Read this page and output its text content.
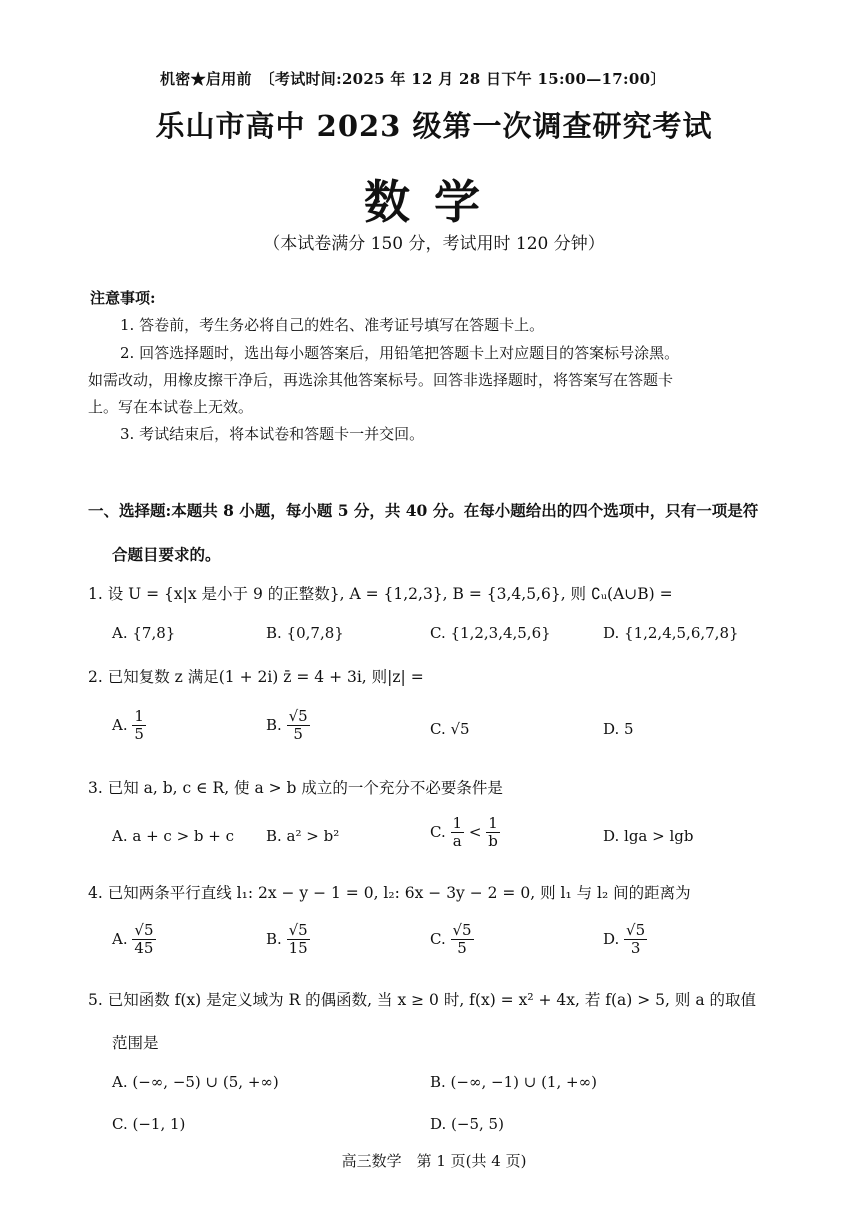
机密★启用前　〔考试时间:2025 年 12 月 28 日下午 15:00—17:00〕
乐山市高中 2023 级第一次调查研究考试
数学
（本试卷满分 150 分，考试用时 120 分钟）
注意事项:
1. 答卷前，考生务必将自己的姓名、准考证号填写在答题卡上。
2. 回答选择题时，选出每小题答案后，用铅笔把答题卡上对应题目的答案标号涂黑。
如需改动，用橡皮擦干净后，再选涂其他答案标号。回答非选择题时，将答案写在答题卡
上。写在本试卷上无效。
3. 考试结束后，将本试卷和答题卡一并交回。
一、选择题:本题共 8 小题，每小题 5 分，共 40 分。在每小题给出的四个选项中，只有一项是符
合题目要求的。
1. 设 U = {x|x 是小于 9 的正整数}, A = {1,2,3}, B = {3,4,5,6}, 则 ∁ᵤ(A∪B) =
A. {7,8}	B. {0,7,8}	C. {1,2,3,4,5,6}	D. {1,2,4,5,6,7,8}
2. 已知复数 z 满足(1 + 2i) z̄ = 4 + 3i, 则|z| =
A. $\frac{1}{5}$	B. $\frac{√5}{5}$	C. √5	D. 5
3. 已知 a, b, c ∈ R, 使 a > b 成立的一个充分不必要条件是
A. a + c > b + c B. a² > b²	C. $\frac{1}{a} < \frac{1}{b}$	D. lga > lgb
4. 已知两条平行直线 l₁: 2x − y − 1 = 0, l₂: 6x − 3y − 2 = 0, 则 l₁ 与 l₂ 间的距离为
A. $\frac{√5}{45}$	B. $\frac{√5}{15}$	C. $\frac{√5}{5}$	D. $\frac{√5}{3}$
5. 已知函数 f(x) 是定义域为 R 的偶函数, 当 x ≥ 0 时, f(x) = x² + 4x, 若 f(a) > 5, 则 a 的取值
范围是
A. (−∞, −5) ∪ (5, +∞)	B. (−∞, −1) ∪ (1, +∞)
C. (−1, 1)	D. (−5, 5)
高三数学　第 1 页(共 4 页)
